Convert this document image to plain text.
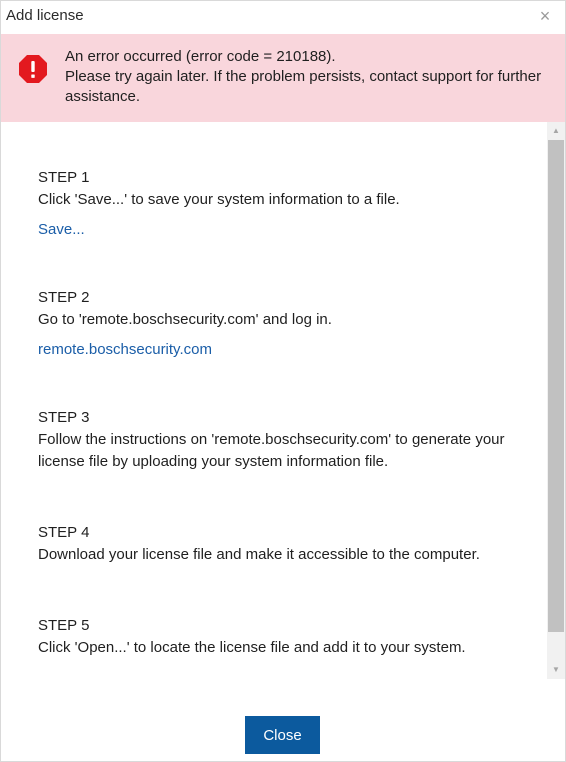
Add license	×
An error occurred (error code = 210188).
Please try again later. If the problem persists, contact support for further assistance.
STEP 1
Click 'Save...' to save your system information to a file.
Save...
STEP 2
Go to 'remote.boschsecurity.com' and log in.
remote.boschsecurity.com
STEP 3
Follow the instructions on 'remote.boschsecurity.com' to generate your license file by uploading your system information file.
STEP 4
Download your license file and make it accessible to the computer.
STEP 5
Click 'Open...' to locate the license file and add it to your system.
▲
▼
Close
